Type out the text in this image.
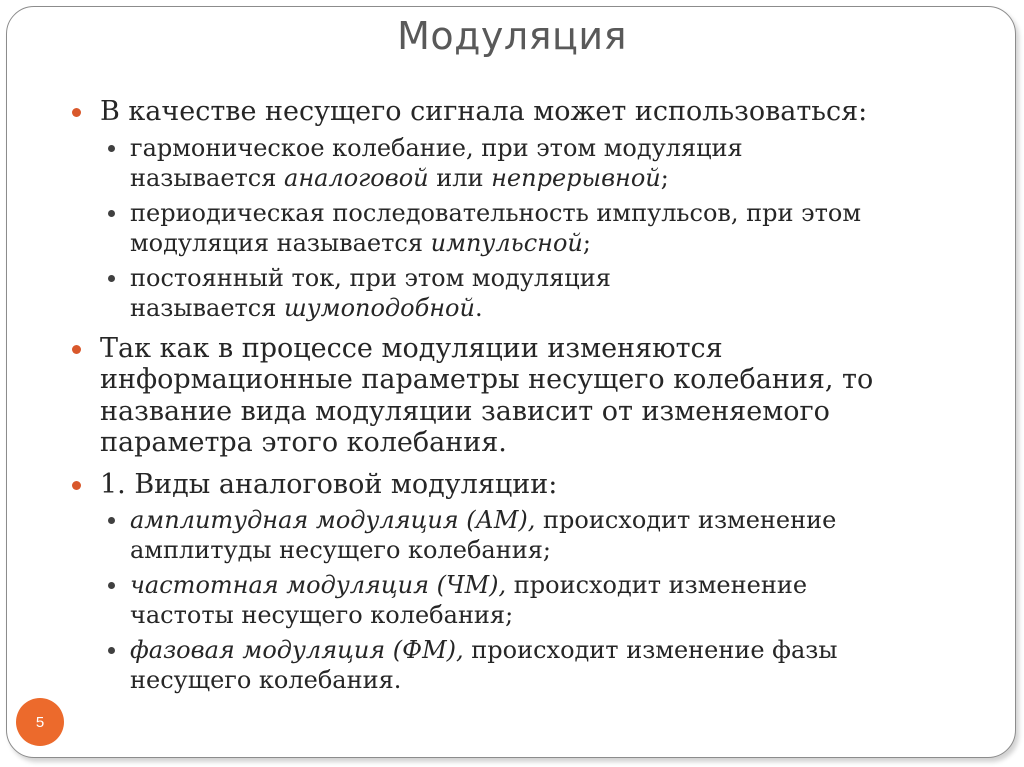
Модуляция
В качестве несущего сигнала может использоваться:
гармоническое колебание, при этом модуляция
называется аналоговой или непрерывной;
периодическая последовательность импульсов, при этом
модуляция называется импульсной;
постоянный ток, при этом модуляция
называется шумоподобной.
Так как в процессе модуляции изменяются
информационные параметры несущего колебания, то
название вида модуляции зависит от изменяемого
параметра этого колебания.
1. Виды аналоговой модуляции:
амплитудная модуляция (АМ), происходит изменение
амплитуды несущего колебания;
частотная модуляция (ЧМ), происходит изменение
частоты несущего колебания;
фазовая модуляция (ФМ), происходит изменение фазы
несущего колебания.
5
